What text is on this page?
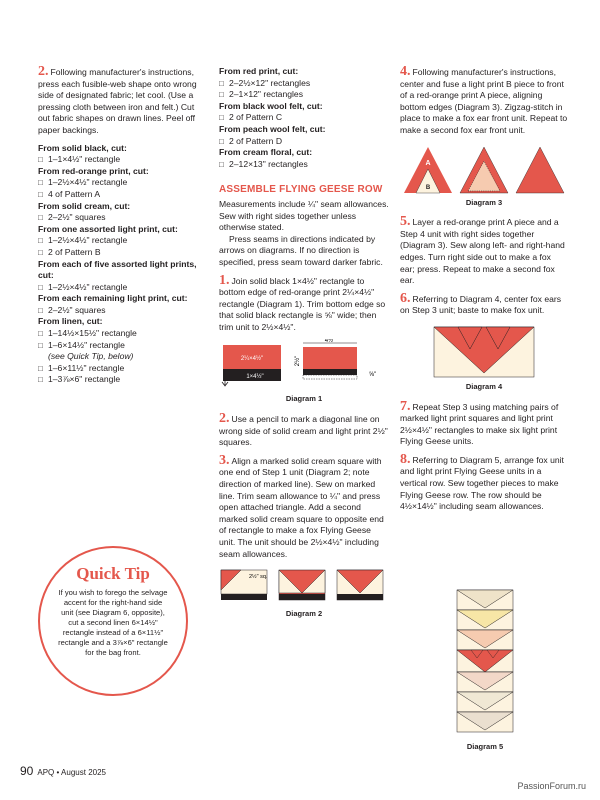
2. Following manufacturer's instructions, press each fusible-web shape onto wrong side of designated fabric; let cool. (Use a pressing cloth between iron and felt.) Cut out fabric shapes on drawn lines. Peel off paper backings.

From solid black, cut:
□ 1–1×4½" rectangle
From red-orange print, cut:
□ 1–2½×4½" rectangle
□ 4 of Pattern A
From solid cream, cut:
□ 2–2½" squares
From one assorted light print, cut:
□ 1–2½×4½" rectangle
□ 2 of Pattern B
From each of five assorted light prints, cut:
□ 1–2½×4½" rectangle
From each remaining light print, cut:
□ 2–2½" squares
From linen, cut:
□ 1–14½×15½" rectangle
□ 1–6×14½" rectangle
(see Quick Tip, below)
□ 1–6×11½" rectangle
□ 1–3⅞×6" rectangle
Quick Tip
If you wish to forego the selvage accent for the right-hand side unit (see Diagram 6, opposite), cut a second linen 6×14½" rectangle instead of a 6×11½" rectangle and a 3⅞×6" rectangle for the bag front.
From red print, cut:
□ 2–2½×12" rectangles
□ 2–1×12" rectangles
From black wool felt, cut:
□ 2 of Pattern C
From peach wool felt, cut:
□ 2 of Pattern D
From cream floral, cut:
□ 2–12×13" rectangles
ASSEMBLE FLYING GEESE ROW

Measurements include ¼" seam allowances. Sew with right sides together unless otherwise stated.

Press seams in directions indicated by arrows on diagrams. If no direction is specified, press seam toward darker fabric.

1. Join solid black 1×4½" rectangle to bottom edge of red-orange print 2¼×4½" rectangle (Diagram 1). Trim bottom edge so that solid black rectangle is ⅝" wide; then trim unit to 2½×4½".

2¼×4½"
1×4½"
4½"
2½"
⅝"
Diagram 1

2. Use a pencil to mark a diagonal line on wrong side of solid cream and light print 2½" squares.

3. Align a marked solid cream square with one end of Step 1 unit (Diagram 2; note direction of marked line). Sew on marked line. Trim seam allowance to ¼" and press open attached triangle. Add a second marked solid cream square to opposite end of rectangle to make a fox Flying Geese unit. The unit should be 2½×4½" including seam allowances.

2½" sq.
Diagram 2

4. Following manufacturer's instructions, center and fuse a light print B piece to front of a red-orange print A piece, aligning bottom edges (Diagram 3). Zigzag-stitch in place to make a fox ear front unit. Repeat to make a second fox ear front unit.

A
B
Diagram 3

5. Layer a red-orange print A piece and a Step 4 unit with right sides together (Diagram 3). Sew along left- and right-hand edges. Turn right side out to make a fox ear; press. Repeat to make a second fox ear.

6. Referring to Diagram 4, center fox ears on Step 3 unit; baste to make fox unit.

Diagram 4

7. Repeat Step 3 using matching pairs of marked light print squares and light print 2½×4½" rectangles to make six light print Flying Geese units.

8. Referring to Diagram 5, arrange fox unit and light print Flying Geese units in a vertical row. Sew together pieces to make Flying Geese row. The row should be 4½×14½" including seam allowances.

Diagram 5
90 APQ • August 2025
PassionForum.ru
